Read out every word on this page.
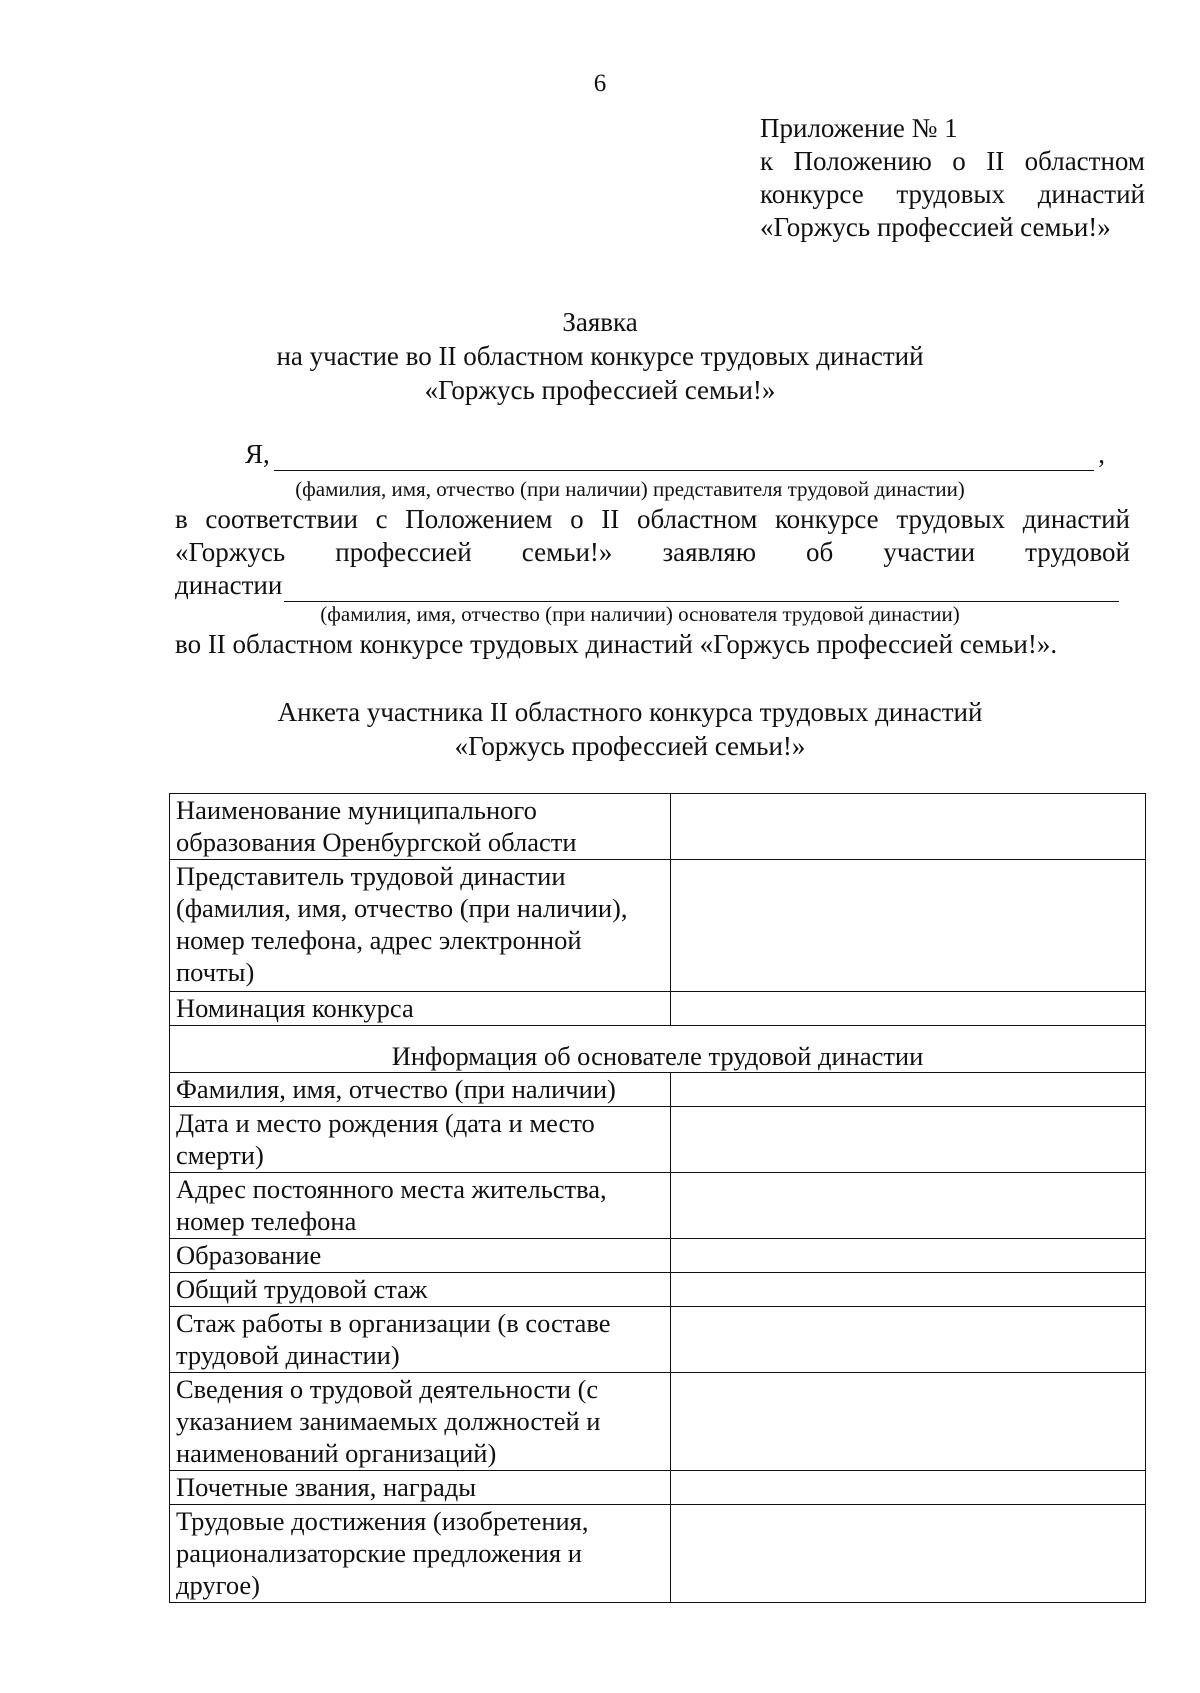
6
Приложение № 1
к Положению о II областном
конкурсе трудовых династий
«Горжусь профессией семьи!»
Заявка
на участие во II областном конкурсе трудовых династий
«Горжусь профессией семьи!»
Я,	,
(фамилия, имя, отчество (при наличии) представителя трудовой династии)
в соответствии с Положением о II областном конкурсе трудовых династий
«Горжусь профессией семьи!» заявляю об участии трудовой
династии
(фамилия, имя, отчество (при наличии) основателя трудовой династии)
во II областном конкурсе трудовых династий «Горжусь профессией семьи!».
Анкета участника II областного конкурса трудовых династий
«Горжусь профессией семьи!»
Наименование муниципального образования Оренбургской области	
Представитель трудовой династии (фамилия, имя, отчество (при наличии), номер телефона, адрес электронной почты)	
Номинация конкурса	
Информация об основателе трудовой династии	
Фамилия, имя, отчество (при наличии)	
Дата и место рождения (дата и место смерти)	
Адрес постоянного места жительства, номер телефона	
Образование	
Общий трудовой стаж	
Стаж работы в организации (в составе трудовой династии)	
Сведения о трудовой деятельности (с указанием занимаемых должностей и наименований организаций)	
Почетные звания, награды	
Трудовые достижения (изобретения, рационализаторские предложения и другое)	
